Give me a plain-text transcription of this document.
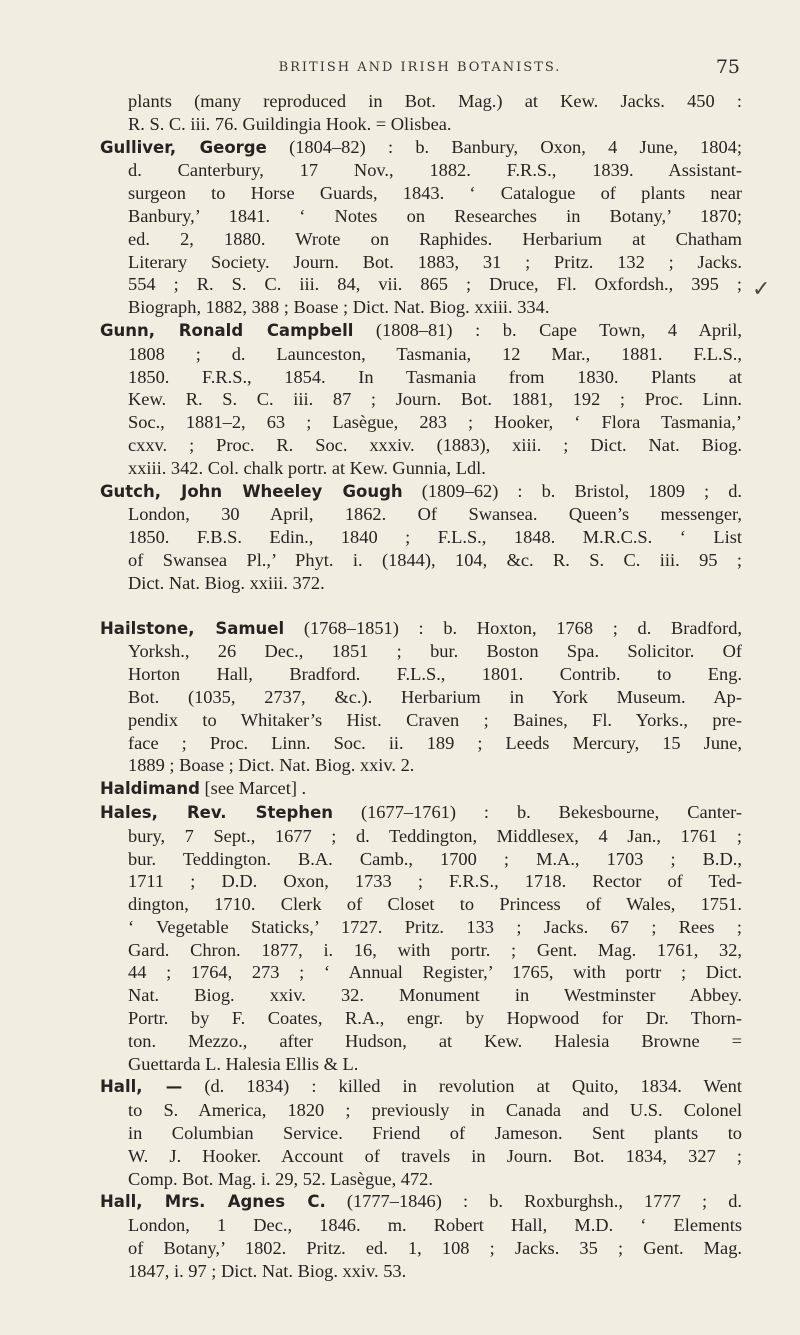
BRITISH AND IRISH BOTANISTS.	75
✓
plants (many reproduced in Bot. Mag.) at Kew. Jacks. 450 :
R. S. C. iii. 76. Guildingia Hook. = Olisbea.
Gulliver, George (1804–82) : b. Banbury, Oxon, 4 June, 1804;
d. Canterbury, 17 Nov., 1882. F.R.S., 1839. Assistant-
surgeon to Horse Guards, 1843. ‘ Catalogue of plants near
Banbury,’ 1841. ‘ Notes on Researches in Botany,’ 1870;
ed. 2, 1880. Wrote on Raphides. Herbarium at Chatham
Literary Society. Journ. Bot. 1883, 31 ; Pritz. 132 ; Jacks.
554 ; R. S. C. iii. 84, vii. 865 ; Druce, Fl. Oxfordsh., 395 ;
Biograph, 1882, 388 ; Boase ; Dict. Nat. Biog. xxiii. 334.
Gunn, Ronald Campbell (1808–81) : b. Cape Town, 4 April,
1808 ; d. Launceston, Tasmania, 12 Mar., 1881. F.L.S.,
1850. F.R.S., 1854. In Tasmania from 1830. Plants at
Kew. R. S. C. iii. 87 ; Journ. Bot. 1881, 192 ; Proc. Linn.
Soc., 1881–2, 63 ; Lasègue, 283 ; Hooker, ‘ Flora Tasmania,’
cxxv. ; Proc. R. Soc. xxxiv. (1883), xiii. ; Dict. Nat. Biog.
xxiii. 342. Col. chalk portr. at Kew. Gunnia, Ldl.
Gutch, John Wheeley Gough (1809–62) : b. Bristol, 1809 ; d.
London, 30 April, 1862. Of Swansea. Queen’s messenger,
1850. F.B.S. Edin., 1840 ; F.L.S., 1848. M.R.C.S. ‘ List
of Swansea Pl.,’ Phyt. i. (1844), 104, &c. R. S. C. iii. 95 ;
Dict. Nat. Biog. xxiii. 372.
Hailstone, Samuel (1768–1851) : b. Hoxton, 1768 ; d. Bradford,
Yorksh., 26 Dec., 1851 ; bur. Boston Spa. Solicitor. Of
Horton Hall, Bradford. F.L.S., 1801. Contrib. to Eng.
Bot. (1035, 2737, &c.). Herbarium in York Museum. Ap-
pendix to Whitaker’s Hist. Craven ; Baines, Fl. Yorks., pre-
face ; Proc. Linn. Soc. ii. 189 ; Leeds Mercury, 15 June,
1889 ; Boase ; Dict. Nat. Biog. xxiv. 2.
Haldimand [see Marcet] .
Hales, Rev. Stephen (1677–1761) : b. Bekesbourne, Canter-
bury, 7 Sept., 1677 ; d. Teddington, Middlesex, 4 Jan., 1761 ;
bur. Teddington. B.A. Camb., 1700 ; M.A., 1703 ; B.D.,
1711 ; D.D. Oxon, 1733 ; F.R.S., 1718. Rector of Ted-
dington, 1710. Clerk of Closet to Princess of Wales, 1751.
‘ Vegetable Staticks,’ 1727. Pritz. 133 ; Jacks. 67 ; Rees ;
Gard. Chron. 1877, i. 16, with portr. ; Gent. Mag. 1761, 32,
44 ; 1764, 273 ; ‘ Annual Register,’ 1765, with portr ; Dict.
Nat. Biog. xxiv. 32. Monument in Westminster Abbey.
Portr. by F. Coates, R.A., engr. by Hopwood for Dr. Thorn-
ton. Mezzo., after Hudson, at Kew. Halesia Browne =
Guettarda L. Halesia Ellis & L.
Hall, — (d. 1834) : killed in revolution at Quito, 1834. Went
to S. America, 1820 ; previously in Canada and U.S. Colonel
in Columbian Service. Friend of Jameson. Sent plants to
W. J. Hooker. Account of travels in Journ. Bot. 1834, 327 ;
Comp. Bot. Mag. i. 29, 52. Lasègue, 472.
Hall, Mrs. Agnes C. (1777–1846) : b. Roxburghsh., 1777 ; d.
London, 1 Dec., 1846. m. Robert Hall, M.D. ‘ Elements
of Botany,’ 1802. Pritz. ed. 1, 108 ; Jacks. 35 ; Gent. Mag.
1847, i. 97 ; Dict. Nat. Biog. xxiv. 53.
